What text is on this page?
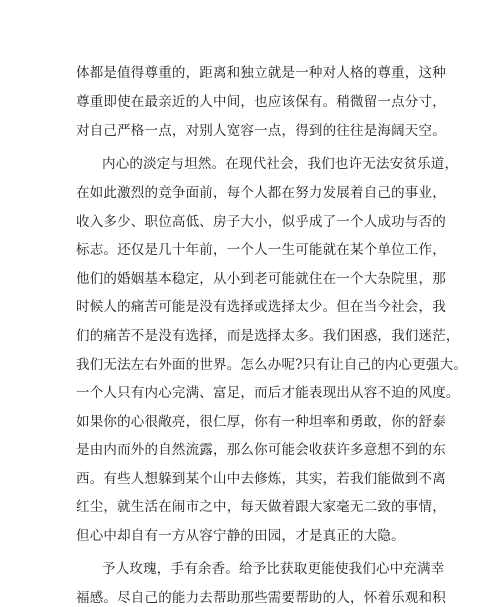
体都是值得尊重的，距离和独立就是一种对人格的尊重，这种
尊重即使在最亲近的人中间，也应该保有。稍微留一点分寸，
对自己严格一点，对别人宽容一点，得到的往往是海阔天空。
内心的淡定与坦然。在现代社会，我们也许无法安贫乐道，
在如此激烈的竞争面前，每个人都在努力发展着自己的事业，
收入多少、职位高低、房子大小，似乎成了一个人成功与否的
标志。还仅是几十年前，一个人一生可能就在某个单位工作，
他们的婚姻基本稳定，从小到老可能就住在一个大杂院里，那
时候人的痛苦可能是没有选择或选择太少。但在当今社会，我
们的痛苦不是没有选择，而是选择太多。我们困惑，我们迷茫，
我们无法左右外面的世界。怎么办呢?只有让自己的内心更强大。
一个人只有内心完满、富足，而后才能表现出从容不迫的风度。
如果你的心很敞亮，很仁厚，你有一种坦率和勇敢，你的舒泰
是由内而外的自然流露，那么你可能会收获许多意想不到的东
西。有些人想躲到某个山中去修炼，其实，若我们能做到不离
红尘，就生活在闹市之中，每天做着跟大家毫无二致的事情，
但心中却自有一方从容宁静的田园，才是真正的大隐。
予人玫瑰，手有余香。给予比获取更能使我们心中充满幸
福感。尽自己的能力去帮助那些需要帮助的人，怀着乐观和积
